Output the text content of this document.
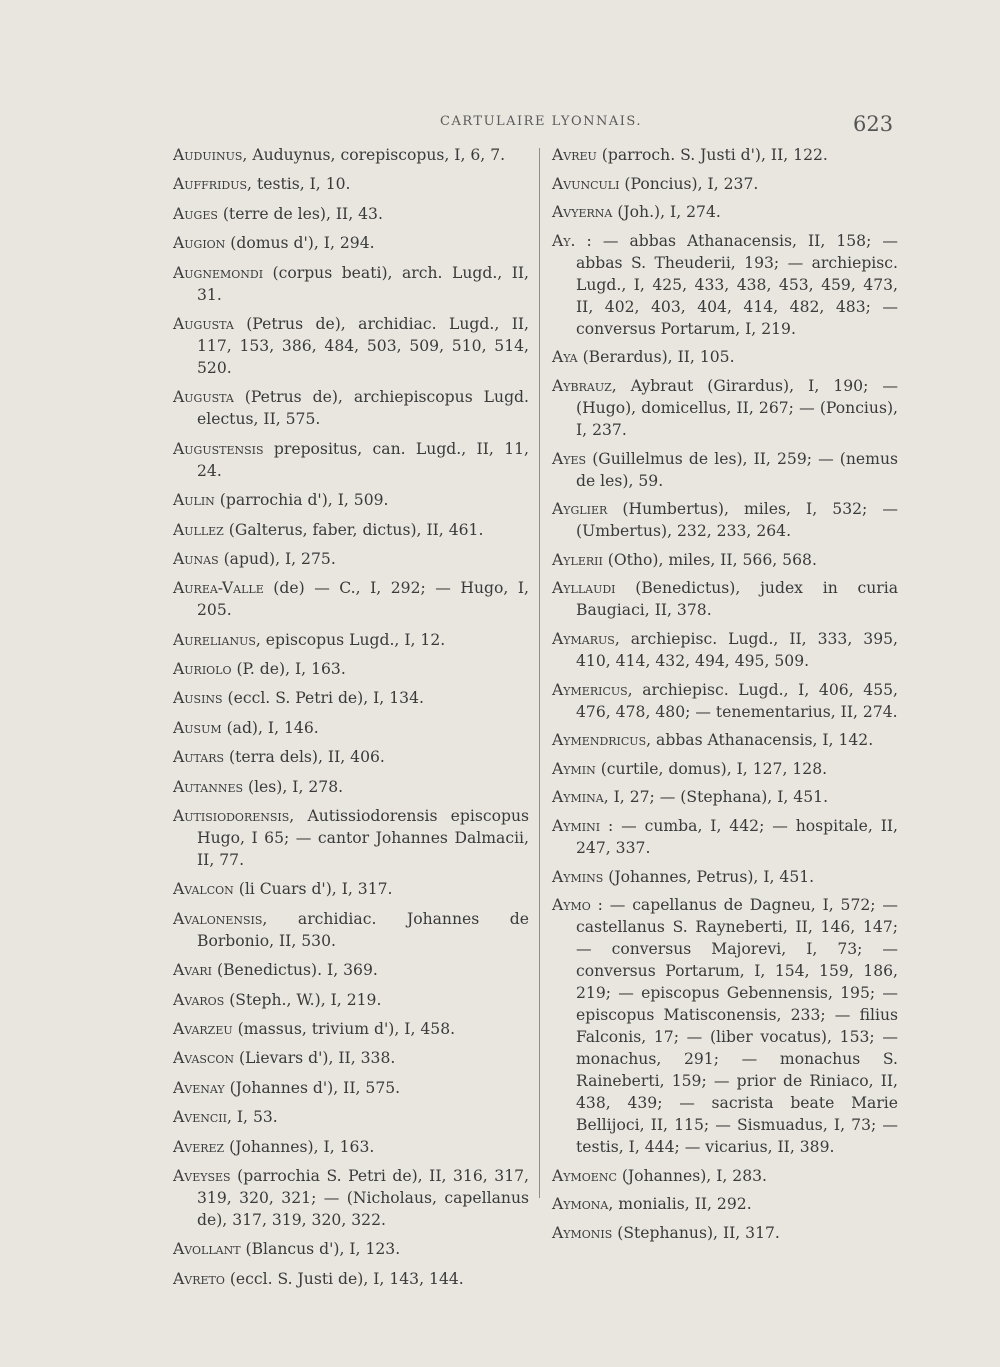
CARTULAIRE LYONNAIS.	623

Auduinus, Auduynus, corepiscopus, I, 6, 7.

Auffridus, testis, I, 10.

Auges (terre de les), II, 43.

Augion (domus d'), I, 294.

Augnemondi (corpus beati), arch. Lugd., II, 31.

Augusta (Petrus de), archidiac. Lugd., II, 117, 153, 386, 484, 503, 509, 510, 514, 520.

Augusta (Petrus de), archiepiscopus Lugd. electus, II, 575.

Augustensis prepositus, can. Lugd., II, 11, 24.

Aulin (parrochia d'), I, 509.

Aullez (Galterus, faber, dictus), II, 461.

Aunas (apud), I, 275.

Aurea-Valle (de) — C., I, 292; — Hugo, I, 205.

Aurelianus, episcopus Lugd., I, 12.

Auriolo (P. de), I, 163.

Ausins (eccl. S. Petri de), I, 134.

Ausum (ad), I, 146.

Autars (terra dels), II, 406.

Autannes (les), I, 278.

Autisiodorensis, Autissiodorensis episcopus Hugo, I 65; — cantor Johannes Dalmacii, II, 77.

Avalcon (li Cuars d'), I, 317.

Avalonensis, archidiac. Johannes de Borbonio, II, 530.

Avari (Benedictus). I, 369.

Avaros (Steph., W.), I, 219.

Avarzeu (massus, trivium d'), I, 458.

Avascon (Lievars d'), II, 338.

Avenay (Johannes d'), II, 575.

Avencii, I, 53.

Averez (Johannes), I, 163.

Aveyses (parrochia S. Petri de), II, 316, 317, 319, 320, 321; — (Nicholaus, capellanus de), 317, 319, 320, 322.

Avollant (Blancus d'), I, 123.

Avreto (eccl. S. Justi de), I, 143, 144.

Avreu (parroch. S. Justi d'), II, 122.

Avunculi (Poncius), I, 237.

Avyerna (Joh.), I, 274.

Ay. : — abbas Athanacensis, II, 158; — abbas S. Theuderii, 193; — archiepisc. Lugd., I, 425, 433, 438, 453, 459, 473, II, 402, 403, 404, 414, 482, 483; — conversus Portarum, I, 219.

Aya (Berardus), II, 105.

Aybrauz, Aybraut (Girardus), I, 190; — (Hugo), domicellus, II, 267; — (Poncius), I, 237.

Ayes (Guillelmus de les), II, 259; — (nemus de les), 59.

Ayglier (Humbertus), miles, I, 532; — (Umbertus), 232, 233, 264.

Aylerii (Otho), miles, II, 566, 568.

Ayllaudi (Benedictus), judex in curia Baugiaci, II, 378.

Aymarus, archiepisc. Lugd., II, 333, 395, 410, 414, 432, 494, 495, 509.

Aymericus, archiepisc. Lugd., I, 406, 455, 476, 478, 480; — tenementarius, II, 274.

Aymendricus, abbas Athanacensis, I, 142.

Aymin (curtile, domus), I, 127, 128.

Aymina, I, 27; — (Stephana), I, 451.

Aymini : — cumba, I, 442; — hospitale, II, 247, 337.

Aymins (Johannes, Petrus), I, 451.

Aymo : — capellanus de Dagneu, I, 572; — castellanus S. Rayneberti, II, 146, 147; — conversus Majorevi, I, 73; — conversus Portarum, I, 154, 159, 186, 219; — episcopus Gebennensis, 195; — episcopus Matisconensis, 233; — filius Falconis, 17; — (liber vocatus), 153; — monachus, 291; — monachus S. Raineberti, 159; — prior de Riniaco, II, 438, 439; — sacrista beate Marie Bellijoci, II, 115; — Sismuadus, I, 73; — testis, I, 444; — vicarius, II, 389.

Aymoenc (Johannes), I, 283.

Aymona, monialis, II, 292.

Aymonis (Stephanus), II, 317.
